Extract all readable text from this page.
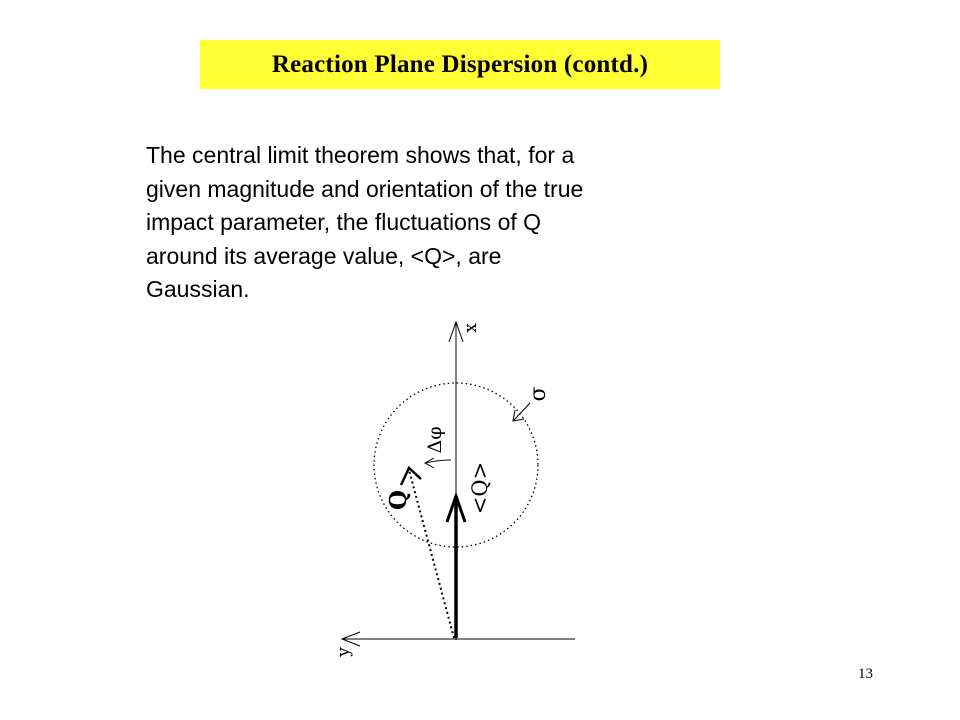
Reaction Plane Dispersion (contd.)
The central limit theorem shows that, for a
given magnitude and orientation of the true
impact parameter, the fluctuations of Q
around its average value, <Q>, are
Gaussian.
x
y
σ
Δφ
Q	<Q>
13
